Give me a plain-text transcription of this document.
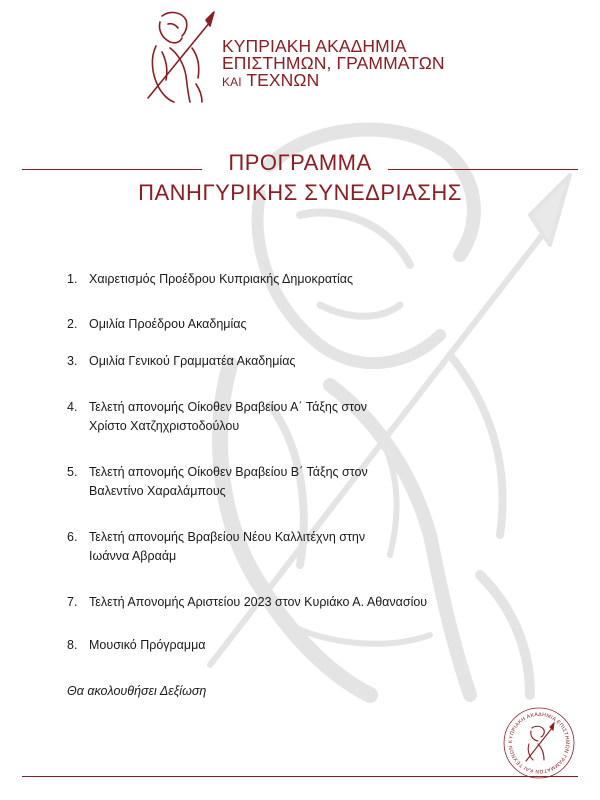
ΚΥΠΡΙΑΚΗ ΑΚΑΔΗΜΙΑ
ΕΠΙΣΤΗΜΩΝ, ΓΡΑΜΜΑΤΩΝ
ΚΑΙ ΤΕΧΝΩΝ
ΠΡΟΓΡΑΜΜΑ
ΠΑΝΗΓΥΡΙΚΗΣ ΣΥΝΕΔΡΙΑΣΗΣ
1. Χαιρετισμός Προέδρου Κυπριακής Δημοκρατίας
2. Ομιλία Προέδρου Ακαδημίας
3. Ομιλία Γενικού Γραμματέα Ακαδημίας
4. Τελετή απονομής Οίκοθεν Βραβείου Α΄ Τάξης στον
Χρίστο Χατζηχριστοδούλου
5. Τελετή απονομής Οίκοθεν Βραβείου Β΄ Τάξης στον
Βαλεντίνο Χαραλάμπους
6. Τελετή απονομής Βραβείου Νέου Καλλιτέχνη στην
Ιωάννα Αβραάμ
7. Τελετή Απονομής Αριστείου 2023 στον Κυριάκο Α. Αθανασίου
8. Μουσικό Πρόγραμμα
Θα ακολουθήσει Δεξίωση
ΚΥΠΡΙΑΚΗ ΑΚΑΔΗΜΙΑ ΕΠΙΣΤΗΜΩΝ ΓΡΑΜΜΑΤΩΝ ΚΑΙ ΤΕΧΝΩΝ
